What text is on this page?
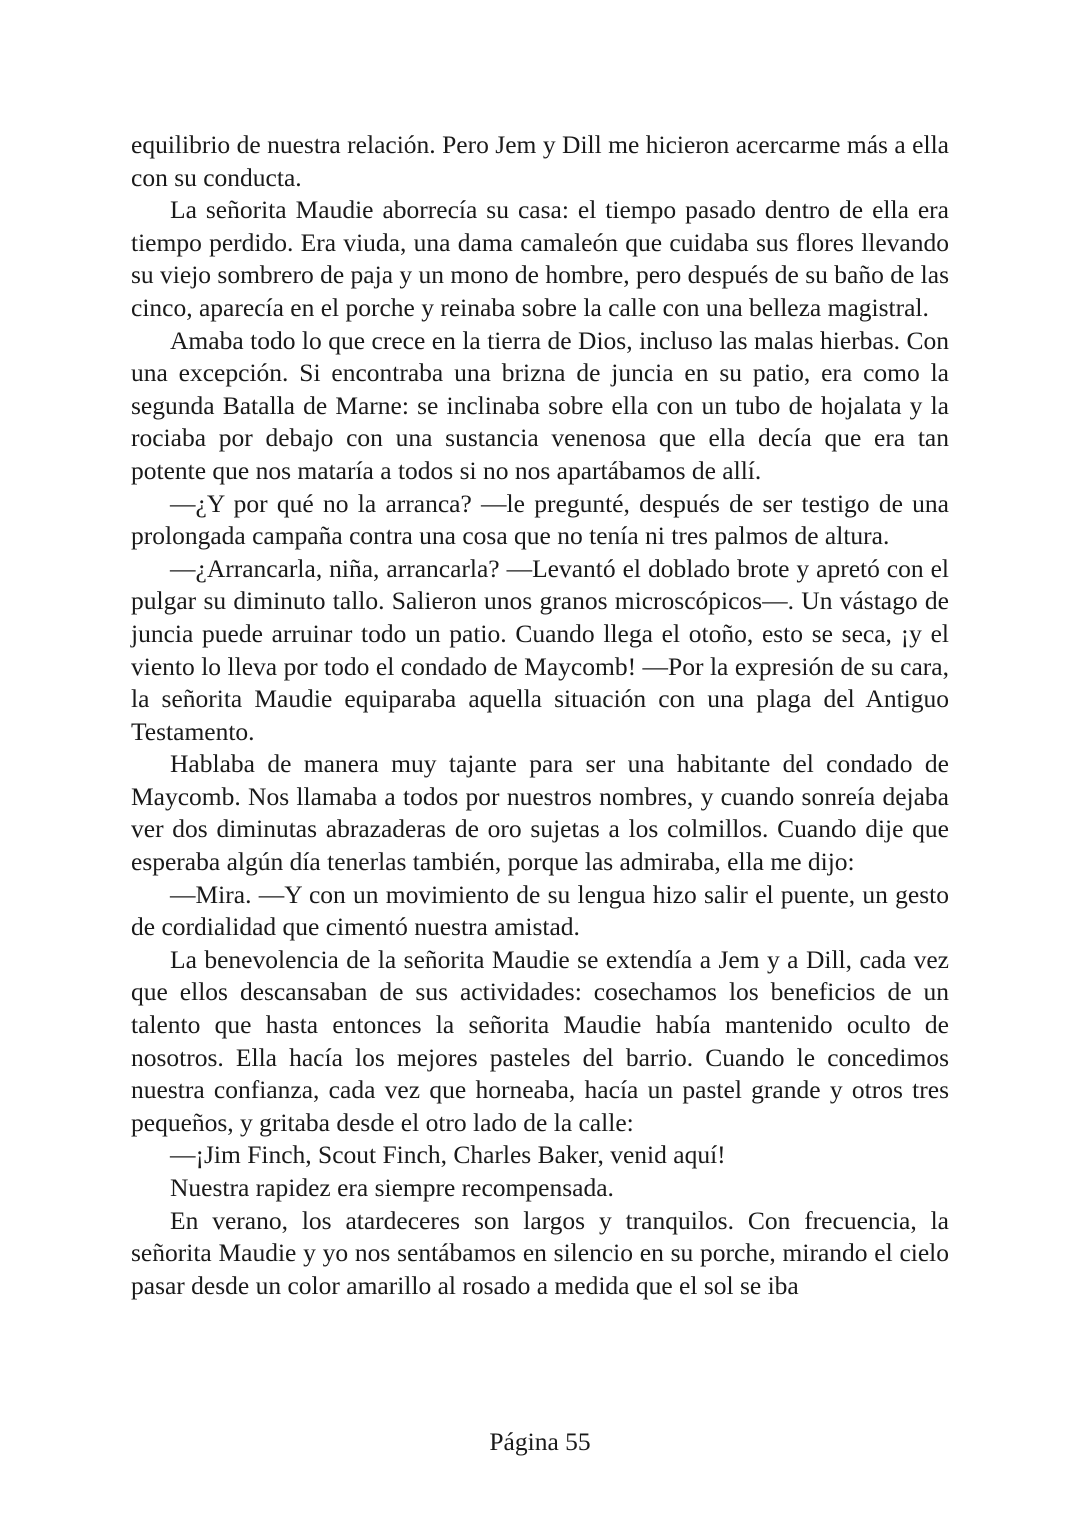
equilibrio de nuestra relación. Pero Jem y Dill me hicieron acercarme más a ella con su conducta.

La señorita Maudie aborrecía su casa: el tiempo pasado dentro de ella era tiempo perdido. Era viuda, una dama camaleón que cuidaba sus flores llevando su viejo sombrero de paja y un mono de hombre, pero después de su baño de las cinco, aparecía en el porche y reinaba sobre la calle con una belleza magistral.

Amaba todo lo que crece en la tierra de Dios, incluso las malas hierbas. Con una excepción. Si encontraba una brizna de juncia en su patio, era como la segunda Batalla de Marne: se inclinaba sobre ella con un tubo de hojalata y la rociaba por debajo con una sustancia venenosa que ella decía que era tan potente que nos mataría a todos si no nos apartábamos de allí.

—¿Y por qué no la arranca? —le pregunté, después de ser testigo de una prolongada campaña contra una cosa que no tenía ni tres palmos de altura.

—¿Arrancarla, niña, arrancarla? —Levantó el doblado brote y apretó con el pulgar su diminuto tallo. Salieron unos granos microscópicos—. Un vástago de juncia puede arruinar todo un patio. Cuando llega el otoño, esto se seca, ¡y el viento lo lleva por todo el condado de Maycomb! —Por la expresión de su cara, la señorita Maudie equiparaba aquella situación con una plaga del Antiguo Testamento.

Hablaba de manera muy tajante para ser una habitante del condado de Maycomb. Nos llamaba a todos por nuestros nombres, y cuando sonreía dejaba ver dos diminutas abrazaderas de oro sujetas a los colmillos. Cuando dije que esperaba algún día tenerlas también, porque las admiraba, ella me dijo:

—Mira. —Y con un movimiento de su lengua hizo salir el puente, un gesto de cordialidad que cimentó nuestra amistad.

La benevolencia de la señorita Maudie se extendía a Jem y a Dill, cada vez que ellos descansaban de sus actividades: cosechamos los beneficios de un talento que hasta entonces la señorita Maudie había mantenido oculto de nosotros. Ella hacía los mejores pasteles del barrio. Cuando le concedimos nuestra confianza, cada vez que horneaba, hacía un pastel grande y otros tres pequeños, y gritaba desde el otro lado de la calle:

—¡Jim Finch, Scout Finch, Charles Baker, venid aquí!

Nuestra rapidez era siempre recompensada.

En verano, los atardeceres son largos y tranquilos. Con frecuencia, la señorita Maudie y yo nos sentábamos en silencio en su porche, mirando el cielo pasar desde un color amarillo al rosado a medida que el sol se iba

Página 55
